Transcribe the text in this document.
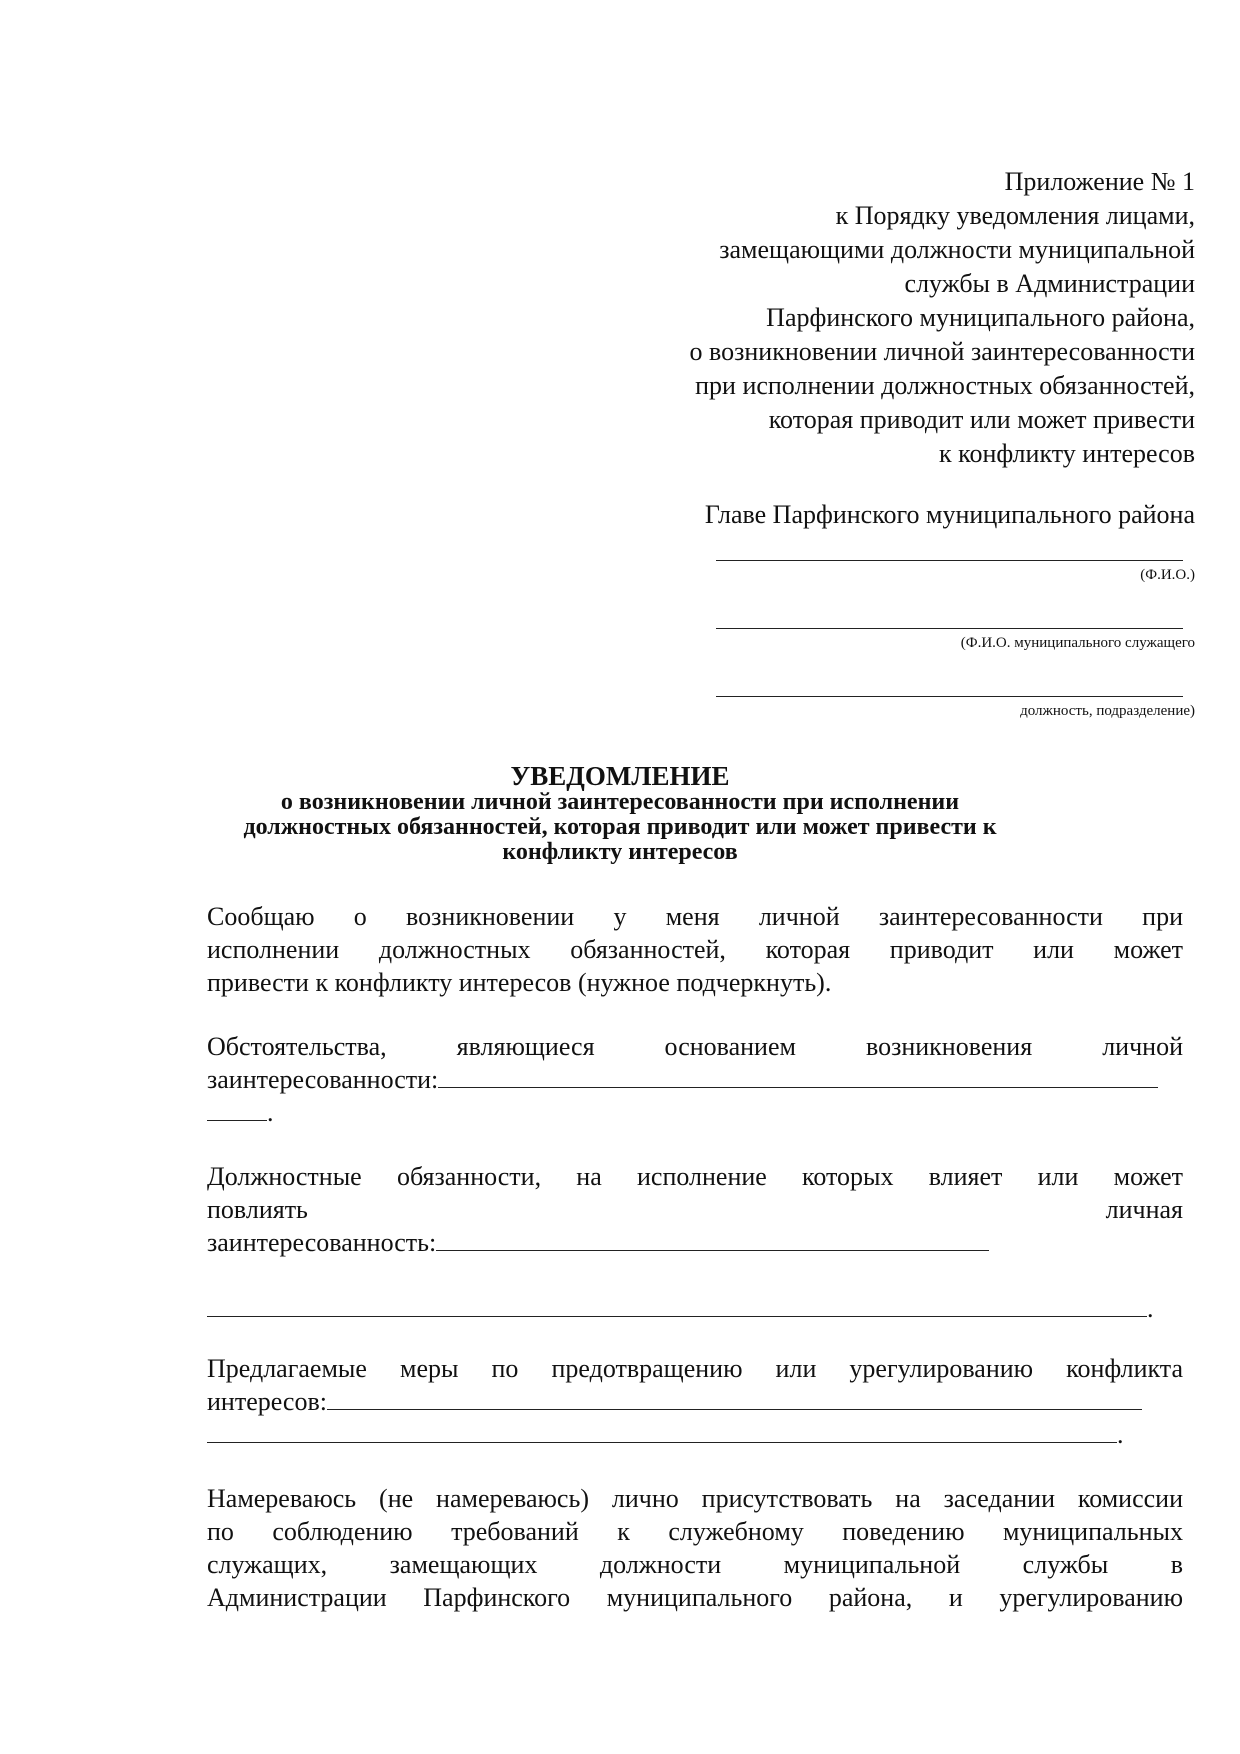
Приложение № 1
к Порядку уведомления лицами,
замещающими должности муниципальной
службы в Администрации
Парфинского муниципального района,
о возникновении личной заинтересованности
при исполнении должностных обязанностей,
которая приводит или может привести
к конфликту интересов
Главе Парфинского муниципального района
(Ф.И.О.)
(Ф.И.О. муниципального служащего
должность, подразделение)
УВЕДОМЛЕНИЕ
о возникновении личной заинтересованности при исполнении
должностных обязанностей, которая приводит или может привести к
конфликту интересов
Сообщаю о возникновении у меня личной заинтересованности при
исполнении должностных обязанностей, которая приводит или может
привести к конфликту интересов (нужное подчеркнуть).
Обстоятельства, являющиеся основанием возникновения личной
заинтересованности:
.
Должностные обязанности, на исполнение которых влияет или может
повлиять личная
заинтересованность:
.
Предлагаемые меры по предотвращению или урегулированию конфликта
интересов:
.
Намереваюсь (не намереваюсь) лично присутствовать на заседании комиссии
по соблюдению требований к служебному поведению муниципальных
служащих, замещающих должности муниципальной службы в
Администрации Парфинского муниципального района, и урегулированию
